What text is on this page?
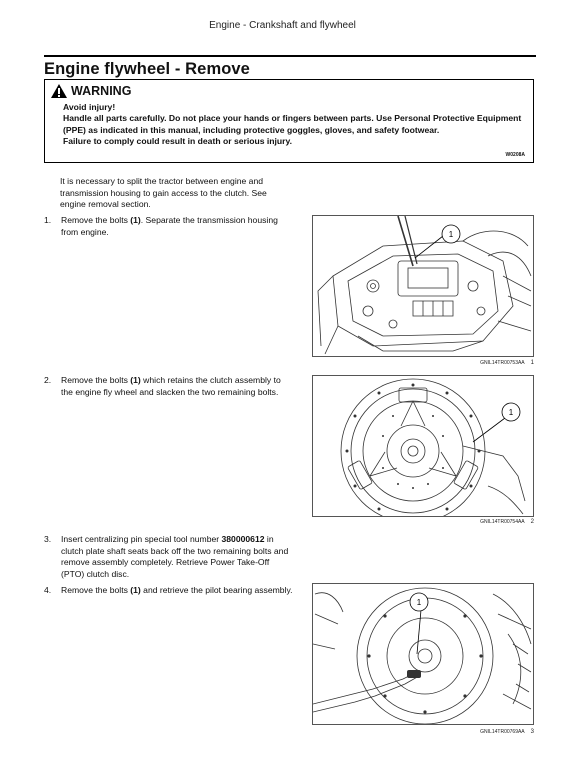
Engine - Crankshaft and flywheel
Engine flywheel - Remove
WARNING
Avoid injury!
Handle all parts carefully. Do not place your hands or fingers between parts. Use Personal Protective Equipment (PPE) as indicated in this manual, including protective goggles, gloves, and safety footwear.
Failure to comply could result in death or serious injury.
W0208A
It is necessary to split the tractor between engine and transmission housing to gain access to the clutch. See engine removal section.
1.	Remove the bolts (1). Separate the transmission housing from engine.
2.	Remove the bolts (1) which retains the clutch assembly to the engine fly wheel and slacken the two remaining bolts.
3.	Insert centralizing pin special tool number 380000612 in clutch plate shaft seats back off the two remaining bolts and remove assembly completely. Retrieve Power Take-Off (PTO) clutch disc.
4.	Remove the bolts (1) and retrieve the pilot bearing assembly.
1
GNIL14TR00753AA 1
1
GNIL14TR00754AA 2
1
GNIL14TR00769AA 3
